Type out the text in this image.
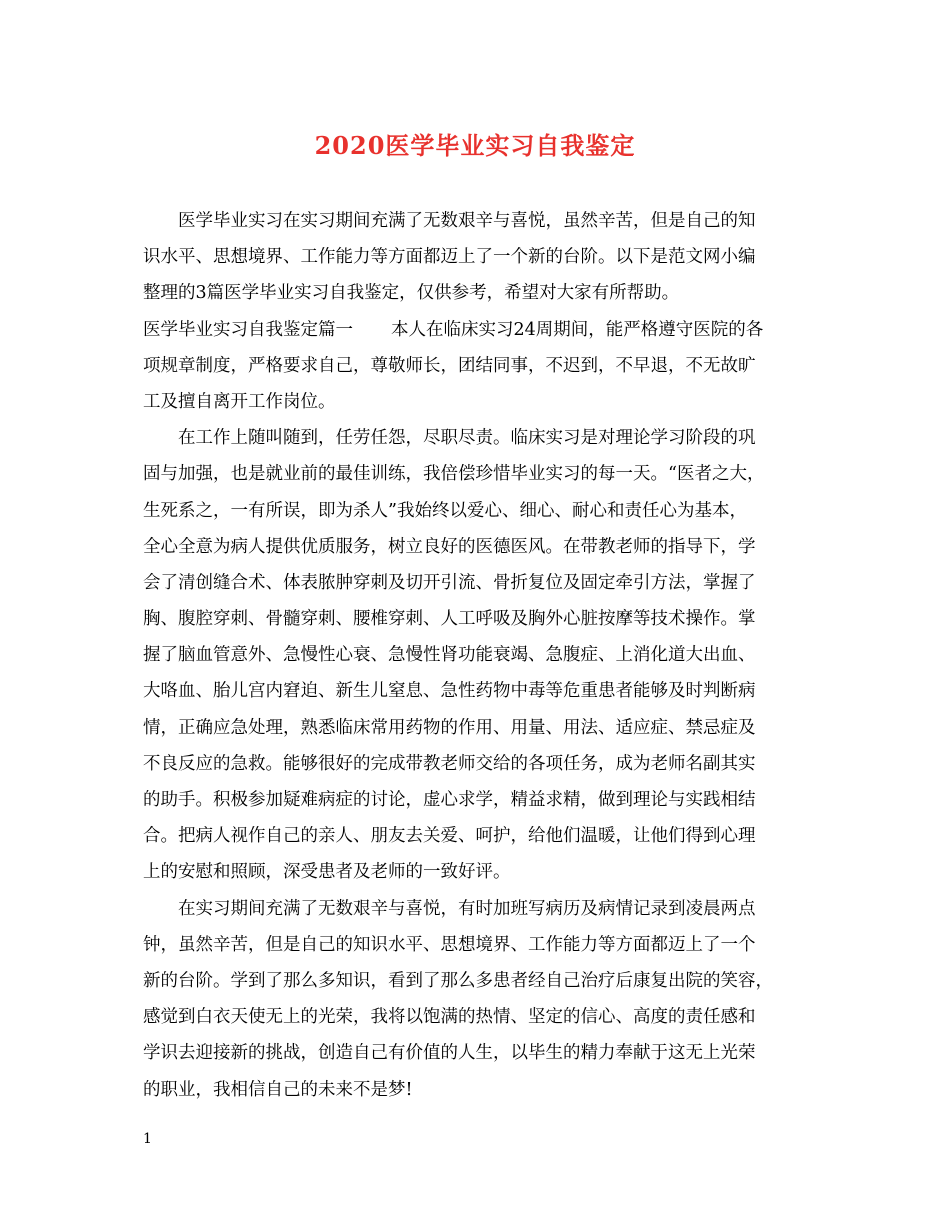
2020医学毕业实习自我鉴定
医学毕业实习在实习期间充满了无数艰辛与喜悦，虽然辛苦，但是自己的知
识水平、思想境界、工作能力等方面都迈上了一个新的台阶。以下是范文网小编
整理的3篇医学毕业实习自我鉴定，仅供参考，希望对大家有所帮助。
医学毕业实习自我鉴定篇一 本人在临床实习24周期间，能严格遵守医院的各
项规章制度，严格要求自己，尊敬师长，团结同事，不迟到，不早退，不无故旷
工及擅自离开工作岗位。
在工作上随叫随到，任劳任怨，尽职尽责。临床实习是对理论学习阶段的巩
固与加强，也是就业前的最佳训练，我倍偿珍惜毕业实习的每一天。“医者之大，
生死系之，一有所误，即为杀人”我始终以爱心、细心、耐心和责任心为基本，
全心全意为病人提供优质服务，树立良好的医德医风。在带教老师的指导下，学
会了清创缝合术、体表脓肿穿刺及切开引流、骨折复位及固定牵引方法，掌握了
胸、腹腔穿刺、骨髓穿刺、腰椎穿刺、人工呼吸及胸外心脏按摩等技术操作。掌
握了脑血管意外、急慢性心衰、急慢性肾功能衰竭、急腹症、上消化道大出血、
大咯血、胎儿宫内窘迫、新生儿窒息、急性药物中毒等危重患者能够及时判断病
情，正确应急处理，熟悉临床常用药物的作用、用量、用法、适应症、禁忌症及
不良反应的急救。能够很好的完成带教老师交给的各项任务，成为老师名副其实
的助手。积极参加疑难病症的讨论，虚心求学，精益求精，做到理论与实践相结
合。把病人视作自己的亲人、朋友去关爱、呵护，给他们温暖，让他们得到心理
上的安慰和照顾，深受患者及老师的一致好评。
在实习期间充满了无数艰辛与喜悦，有时加班写病历及病情记录到凌晨两点
钟，虽然辛苦，但是自己的知识水平、思想境界、工作能力等方面都迈上了一个
新的台阶。学到了那么多知识，看到了那么多患者经自己治疗后康复出院的笑容，
感觉到白衣天使无上的光荣，我将以饱满的热情、坚定的信心、高度的责任感和
学识去迎接新的挑战，创造自己有价值的人生，以毕生的精力奉献于这无上光荣
的职业，我相信自己的未来不是梦!
1
